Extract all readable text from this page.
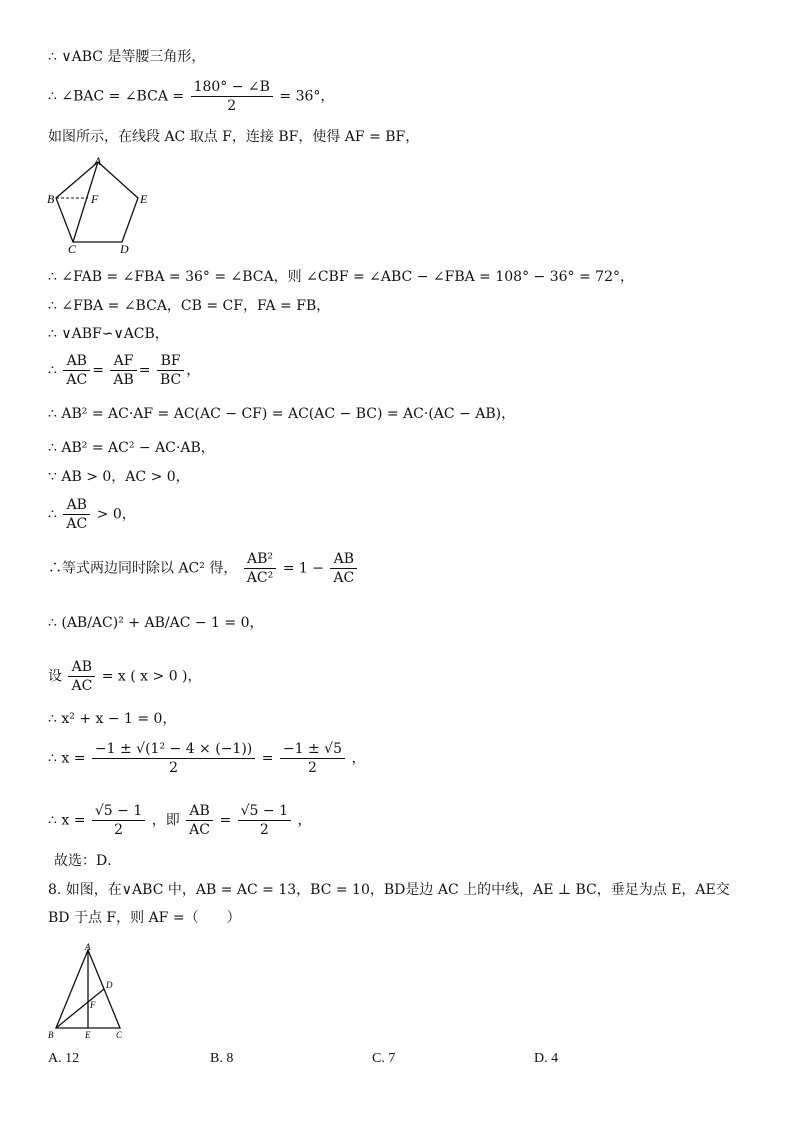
∴ ∨ABC 是等腰三角形，
∴ ∠BAC = ∠BCA = $\frac{180^\circ - \angle B}{2} = 36^\circ$，
如图所示，在线段 AC 取点 F，连接 BF，使得 AF = BF，
A
B	F	E
C	D
∴ ∠FAB = ∠FBA = 36° = ∠BCA，则 ∠CBF = ∠ABC − ∠FBA = 108° − 36° = 72°，
∴ ∠FBA = ∠BCA，CB = CF，FA = FB，
∴ ∨ABF∽∨ACB，
∴ $\frac{AB}{AC} = \frac{AF}{AB} = \frac{BF}{BC}$ ，
∴ AB² = AC·AF = AC(AC − CF) = AC(AC − BC) = AC·(AC − AB)，
∴ AB² = AC² − AC·AB，
∵ AB > 0，AC > 0，
∴ $\frac{AB}{AC} > 0$，
∴等式两边同时除以 AC² 得， $\frac{\text{AB²}}{\text{AC²}} = 1 - \frac{AB}{AC}$
∴ (AB/AC)² + AB/AC − 1 = 0，
设 $\frac{AB}{AC} = x$ ( x > 0 )，
∴ x² + x − 1 = 0，
∴ $x = \frac{\text{−1 ± √(1² − 4 × (−1))}}{2} = \frac{-1 \pm √5}{2}$ ，
∴ $x = \frac{√5 - 1}{2}$ ，即 $\frac{AB}{AC} = \frac{√5 - 1}{2}$ ，
故选：D．
8. 如图，在∨ABC 中，AB = AC = 13，BC = 10，BD是边 AC 上的中线，AE ⊥ BC，垂足为点 E，AE交
BD 于点 F，则 AF =（　　）
A
B	E	C
D
F
A. 12	B. 8	C. 7	D. 4
